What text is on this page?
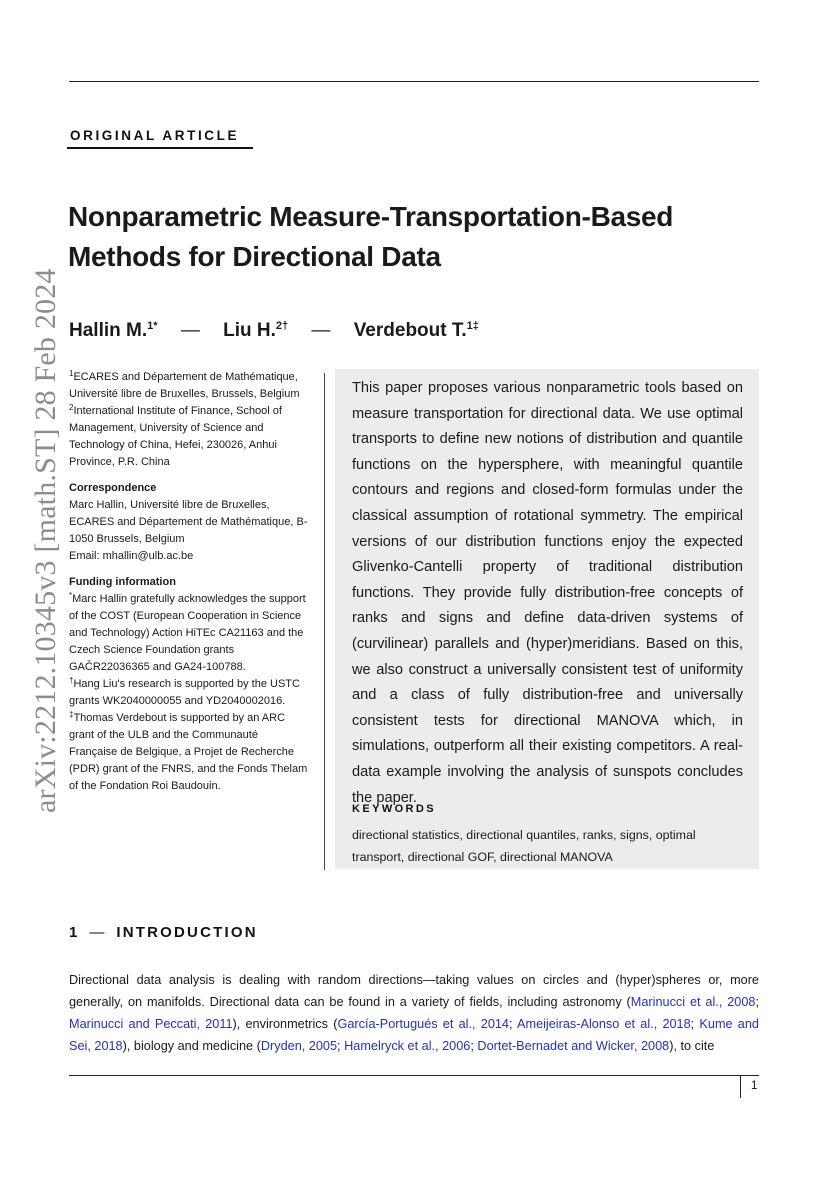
arXiv:2212.10345v3 [math.ST] 28 Feb 2024
ORIGINAL ARTICLE
Nonparametric Measure-Transportation-Based
Methods for Directional Data
Hallin M.$^{1*}$ — Liu H.$^{2\dagger}$ — Verdebout T.$^{1\ddagger}$

$^1$ECARES and Département de Mathématique, Université libre de Bruxelles, Brussels, Belgium

$^2$International Institute of Finance, School of Management, University of Science and Technology of China, Hefei, 230026, Anhui Province, P.R. China

Correspondence

Marc Hallin, Université libre de Bruxelles, ECARES and Département de Mathématique, B-1050 Brussels, Belgium

Email: mhallin@ulb.ac.be

Funding information

*Marc Hallin gratefully acknowledges the support of the COST (European Cooperation in Science and Technology) Action HiTEc CA21163 and the Czech Science Foundation grants GAČR22036365 and GA24-100788.

†Hang Liu's research is supported by the USTC grants WK2040000055 and YD2040002016.

‡Thomas Verdebout is supported by an ARC grant of the ULB and the Communauté Française de Belgique, a Projet de Recherche (PDR) grant of the FNRS, and the Fonds Thelam of the Fondation Roi Baudouin.

This paper proposes various nonparametric tools based on measure transportation for directional data. We use optimal transports to define new notions of distribution and quantile functions on the hypersphere, with meaningful quantile contours and regions and closed-form formulas under the classical assumption of rotational symmetry. The empirical versions of our distribution functions enjoy the expected Glivenko-Cantelli property of traditional distribution functions. They provide fully distribution-free concepts of ranks and signs and define data-driven systems of (curvilinear) parallels and (hyper)meridians. Based on this, we also construct a universally consistent test of uniformity and a class of fully distribution-free and universally consistent tests for directional MANOVA which, in simulations, outperform all their existing competitors. A real-data example involving the analysis of sunspots concludes the paper.
KEYWORDS
directional statistics, directional quantiles, ranks, signs, optimal transport, directional GOF, directional MANOVA
1 — INTRODUCTION
Directional data analysis is dealing with random directions—taking values on circles and (hyper)spheres or, more generally, on manifolds. Directional data can be found in a variety of fields, including astronomy (Marinucci et al., 2008; Marinucci and Peccati, 2011), environmetrics (García-Portugués et al., 2014; Ameijeiras-Alonso et al., 2018; Kume and Sei, 2018), biology and medicine (Dryden, 2005; Hamelryck et al., 2006; Dortet-Bernadet and Wicker, 2008), to cite
1
